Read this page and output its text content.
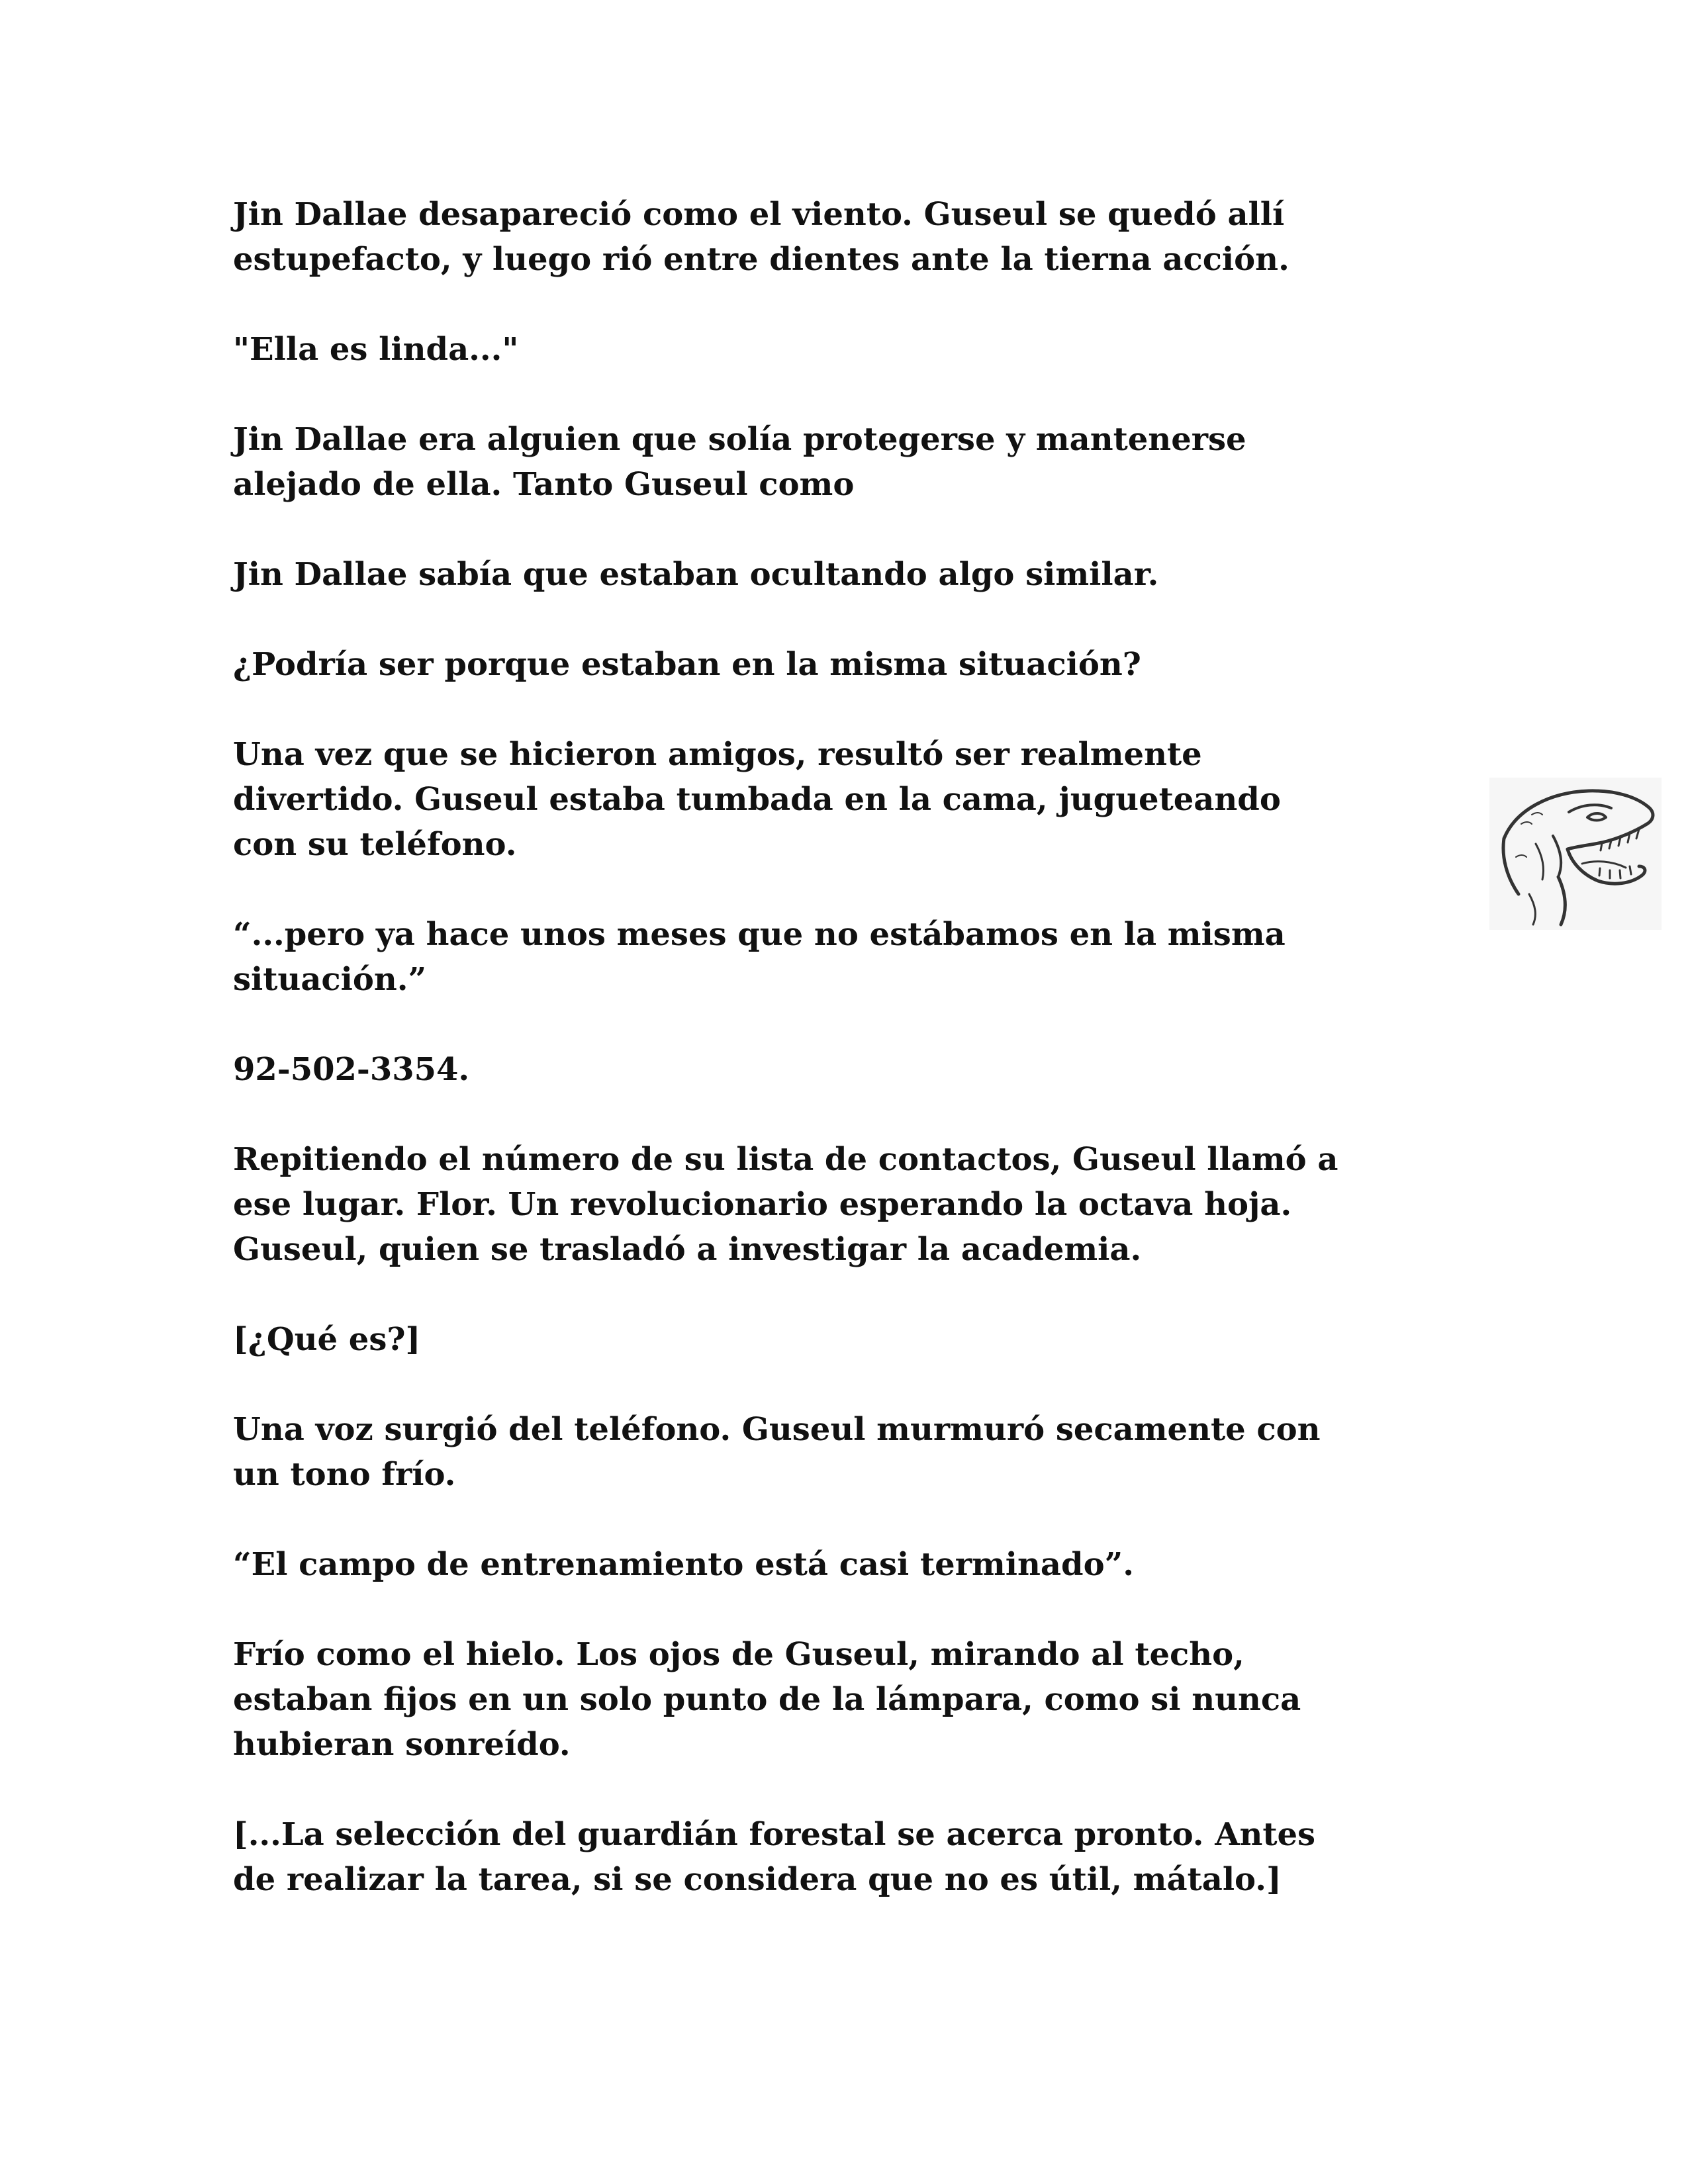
Jin Dallae desapareció como el viento. Guseul se quedó allí
estupefacto, y luego rió entre dientes ante la tierna acción.

"Ella es linda..."

Jin Dallae era alguien que solía protegerse y mantenerse
alejado de ella. Tanto Guseul como

Jin Dallae sabía que estaban ocultando algo similar.

¿Podría ser porque estaban en la misma situación?

Una vez que se hicieron amigos, resultó ser realmente
divertido. Guseul estaba tumbada en la cama, jugueteando
con su teléfono.

“...pero ya hace unos meses que no estábamos en la misma
situación.”

92-502-3354.

Repitiendo el número de su lista de contactos, Guseul llamó a
ese lugar. Flor. Un revolucionario esperando la octava hoja.
Guseul, quien se trasladó a investigar la academia.

[¿Qué es?]

Una voz surgió del teléfono. Guseul murmuró secamente con
un tono frío.

“El campo de entrenamiento está casi terminado”.

Frío como el hielo. Los ojos de Guseul, mirando al techo,
estaban fijos en un solo punto de la lámpara, como si nunca
hubieran sonreído.

[...La selección del guardián forestal se acerca pronto. Antes
de realizar la tarea, si se considera que no es útil, mátalo.]
